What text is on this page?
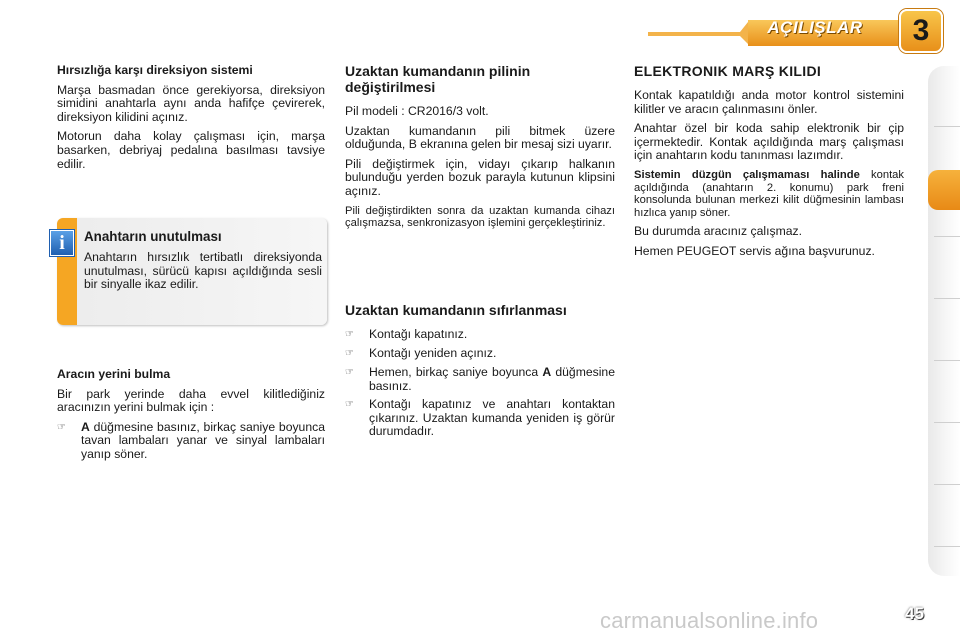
AÇILIŞLAR	3
Hırsızlığa karşı direksiyon sistemi

Marşa basmadan önce gerekiyorsa, direksiyon simidini anahtarla aynı anda hafifçe çevirerek, direksiyon kilidini açınız.

Motorun daha kolay çalışması için, marşa basarken, debriyaj pedalına basılması tavsiye edilir.

i	Anahtarın unutulması
Anahtarın hırsızlık tertibatlı direksiyonda unutulması, sürücü kapısı açıldığında sesli bir sinyalle ikaz edilir.
Aracın yerini bulma

Bir park yerinde daha evvel kilitlediğiniz aracınızın yerini bulmak için :

☞	A düğmesine basınız, birkaç saniye boyunca tavan lambaları yanar ve sinyal lambaları yanıp söner.
Uzaktan kumandanın pilinin değiştirilmesi

Pil modeli : CR2016/3 volt.

Uzaktan kumandanın pili bitmek üzere olduğunda, B ekranına gelen bir mesaj sizi uyarır.

Pili değiştirmek için, vidayı çıkarıp halkanın bulunduğu yerden bozuk parayla kutunun klipsini açınız.

Pili değiştirdikten sonra da uzaktan kumanda cihazı çalışmazsa, senkronizasyon işlemini gerçekleştiriniz.

Uzaktan kumandanın sıfırlanması
☞	Kontağı kapatınız.
☞	Kontağı yeniden açınız.
☞	Hemen, birkaç saniye boyunca A düğmesine basınız.
☞	Kontağı kapatınız ve anahtarı kontaktan çıkarınız. Uzaktan kumanda yeniden iş görür durumdadır.
ELEKTRONIK MARŞ KILIDI

Kontak kapatıldığı anda motor kontrol sistemini kilitler ve aracın çalınmasını önler.

Anahtar özel bir koda sahip elektronik bir çip içermektedir. Kontak açıldığında marş çalışması için anahtarın kodu tanınması lazımdır.

Sistemin düzgün çalışmaması halinde kontak açıldığında (anahtarın 2. konumu) park freni konsolunda bulunan merkezi kilit düğmesinin lambası hızlıca yanıp söner.

Bu durumda aracınız çalışmaz.

Hemen PEUGEOT servis ağına başvurunuz.

carmanualsonline.info	45
